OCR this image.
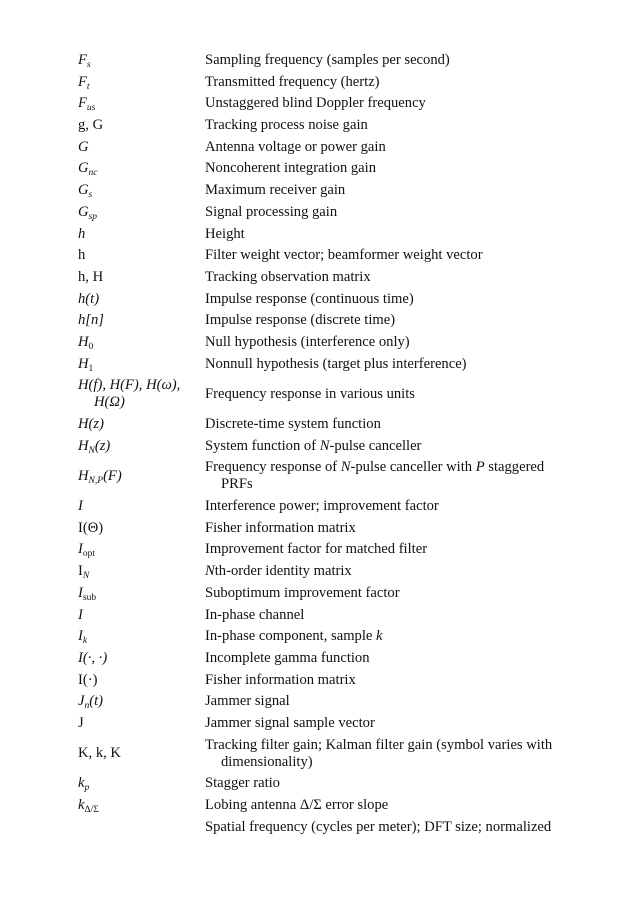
$F_s$	Sampling frequency (samples per second)
$F_t$	Transmitted frequency (hertz)
$F_{us}$	Unstaggered blind Doppler frequency
g, G	Tracking process noise gain
G	Antenna voltage or power gain
$G_{nc}$	Noncoherent integration gain
$G_s$	Maximum receiver gain
$G_{sp}$	Signal processing gain
h	Height
h	Filter weight vector; beamformer weight vector
h, H	Tracking observation matrix
h(t)	Impulse response (continuous time)
h[n]	Impulse response (discrete time)
$H_0$	Null hypothesis (interference only)
$H_1$	Nonnull hypothesis (target plus interference)
H(f), H(F), H(ω),
H(Ω)	Frequency response in various units
H(z)	Discrete-time system function
$H_N(z)$	System function of N-pulse canceller
$H_{N,P}(F)$	Frequency response of N-pulse canceller with P staggered
PRFs

I	Interference power; improvement factor
I(Θ)	Fisher information matrix
$I_{opt}$	Improvement factor for matched filter
$I_N$	Nth-order identity matrix
$I_{sub}$	Suboptimum improvement factor
I	In-phase channel
$I_k$	In-phase component, sample k
I(·, ·)	Incomplete gamma function
I(·)	Fisher information matrix
$J_n(t)$	Jammer signal
J	Jammer signal sample vector
K, k, K	Tracking filter gain; Kalman filter gain (symbol varies with
dimensionality)

$k_p$	Stagger ratio
$k_{\Delta/\Sigma}$	Lobing antenna Δ/Σ error slope
	Spatial frequency (cycles per meter); DFT size; normalized
